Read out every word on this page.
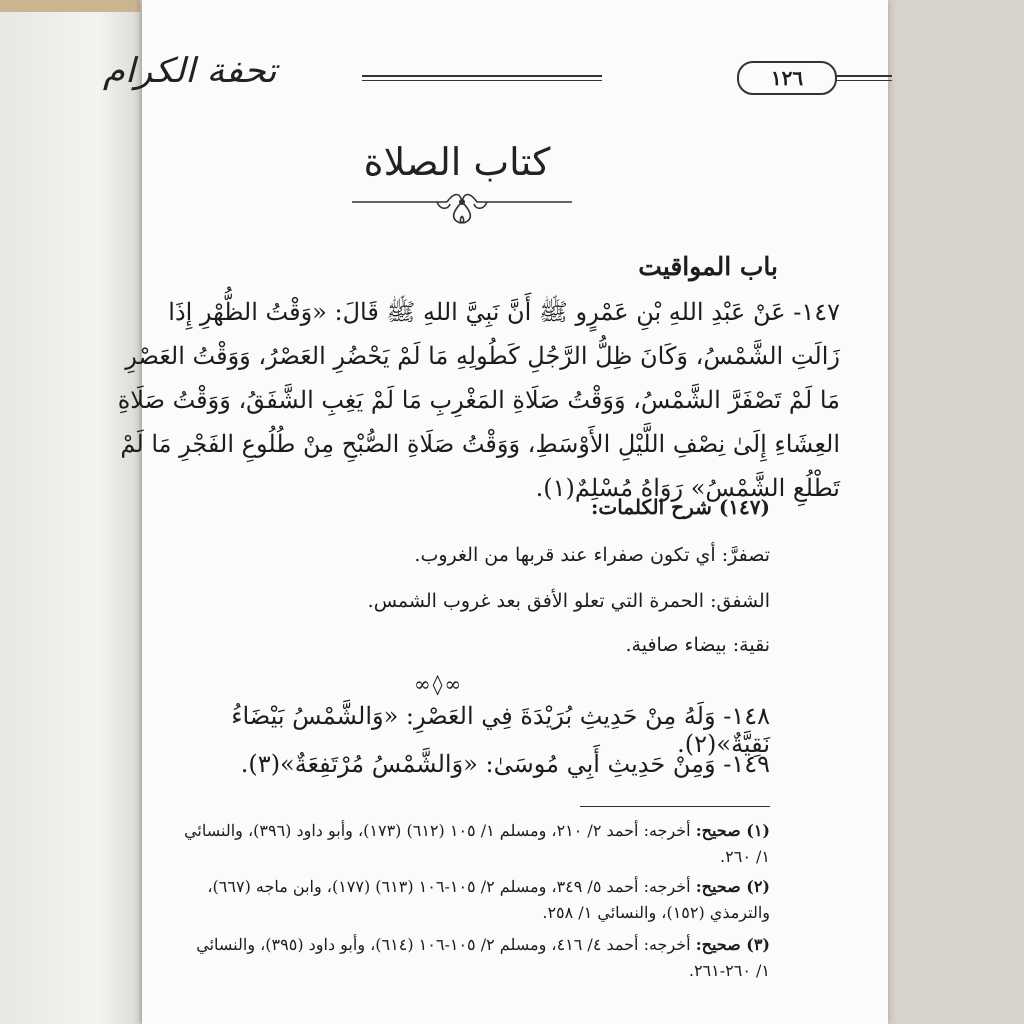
١٢٦
تحفة الكرام
كتاب الصلاة
باب المواقيت
١٤٧- عَنْ عَبْدِ اللهِ بْنِ عَمْرٍو ﷺ أَنَّ نَبِيَّ اللهِ ﷺ قَالَ: «وَقْتُ الظُّهْرِ إِذَا
زَالَتِ الشَّمْسُ، وَكَانَ ظِلُّ الرَّجُلِ كَطُولِهِ مَا لَمْ يَحْضُرِ العَصْرُ، وَوَقْتُ العَصْرِ
مَا لَمْ تَصْفَرَّ الشَّمْسُ، وَوَقْتُ صَلَاةِ المَغْرِبِ مَا لَمْ يَغِبِ الشَّفَقُ، وَوَقْتُ صَلَاةِ
العِشَاءِ إِلَىٰ نِصْفِ اللَّيْلِ الأَوْسَطِ، وَوَقْتُ صَلَاةِ الصُّبْحِ مِنْ طُلُوعِ الفَجْرِ مَا لَمْ
تَطْلُعِ الشَّمْسُ» رَوَاهُ مُسْلِمٌ(١).
(١٤٧) شرح الكلمات:
تصفرَّ: أي تكون صفراء عند قربها من الغروب.
الشفق: الحمرة التي تعلو الأفق بعد غروب الشمس.
نقية: بيضاء صافية.
∞◊∞
١٤٨- وَلَهُ مِنْ حَدِيثِ بُرَيْدَةَ فِي العَصْرِ: «وَالشَّمْسُ بَيْضَاءُ نَقِيَّةٌ»(٢).
١٤٩- وَمِنْ حَدِيثِ أَبِي مُوسَىٰ: «وَالشَّمْسُ مُرْتَفِعَةٌ»(٣).
(١) صحيح: أخرجه: أحمد ٢/ ٢١٠، ومسلم ١/ ١٠٥ (٦١٢) (١٧٣)، وأبو داود (٣٩٦)، والنسائي ١/ ٢٦٠.
(٢) صحيح: أخرجه: أحمد ٥/ ٣٤٩، ومسلم ٢/ ١٠٥-١٠٦ (٦١٣) (١٧٧)، وابن ماجه (٦٦٧)، والترمذي (١٥٢)، والنسائي ١/ ٢٥٨.
(٣) صحيح: أخرجه: أحمد ٤/ ٤١٦، ومسلم ٢/ ١٠٥-١٠٦ (٦١٤)، وأبو داود (٣٩٥)، والنسائي ١/ ٢٦٠-٢٦١.
